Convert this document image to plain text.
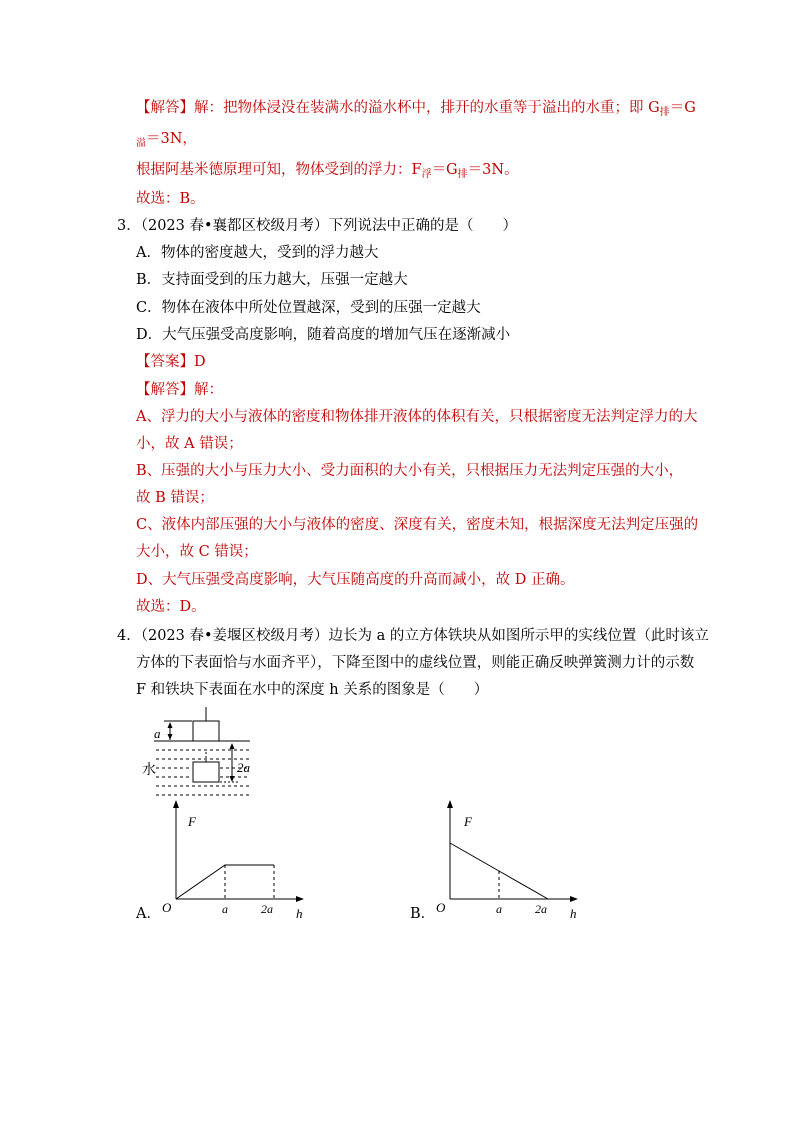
【解答】解：把物体浸没在装满水的溢水杯中，排开的水重等于溢出的水重；即 $G_排=G$
$_溢$＝3N，
根据阿基米德原理可知，物体受到的浮力：$F_浮=G_排=3N$。
故选：B。
3．（2023 春•襄都区校级月考）下列说法中正确的是（　　）
A．物体的密度越大，受到的浮力越大
B．支持面受到的压力越大，压强一定越大
C．物体在液体中所处位置越深，受到的压强一定越大
D．大气压强受高度影响，随着高度的增加气压在逐渐减小
【答案】D
【解答】解：
A、浮力的大小与液体的密度和物体排开液体的体积有关，只根据密度无法判定浮力的大
小，故 A 错误；
B、压强的大小与压力大小、受力面积的大小有关，只根据压力无法判定压强的大小，
故 B 错误；
C、液体内部压强的大小与液体的密度、深度有关，密度未知，根据深度无法判定压强的
大小，故 C 错误；
D、大气压强受高度影响，大气压随高度的升高而减小，故 D 正确。
故选：D。
4．（2023 春•姜堰区校级月考）边长为 a 的立方体铁块从如图所示甲的实线位置（此时该立
方体的下表面恰与水面齐平），下降至图中的虚线位置，则能正确反映弹簧测力计的示数
F 和铁块下表面在水中的深度 h 关系的图象是（　　）
a
水	2a
A．
F
h
O	a	2a	B．
F
h
O	a	2a
